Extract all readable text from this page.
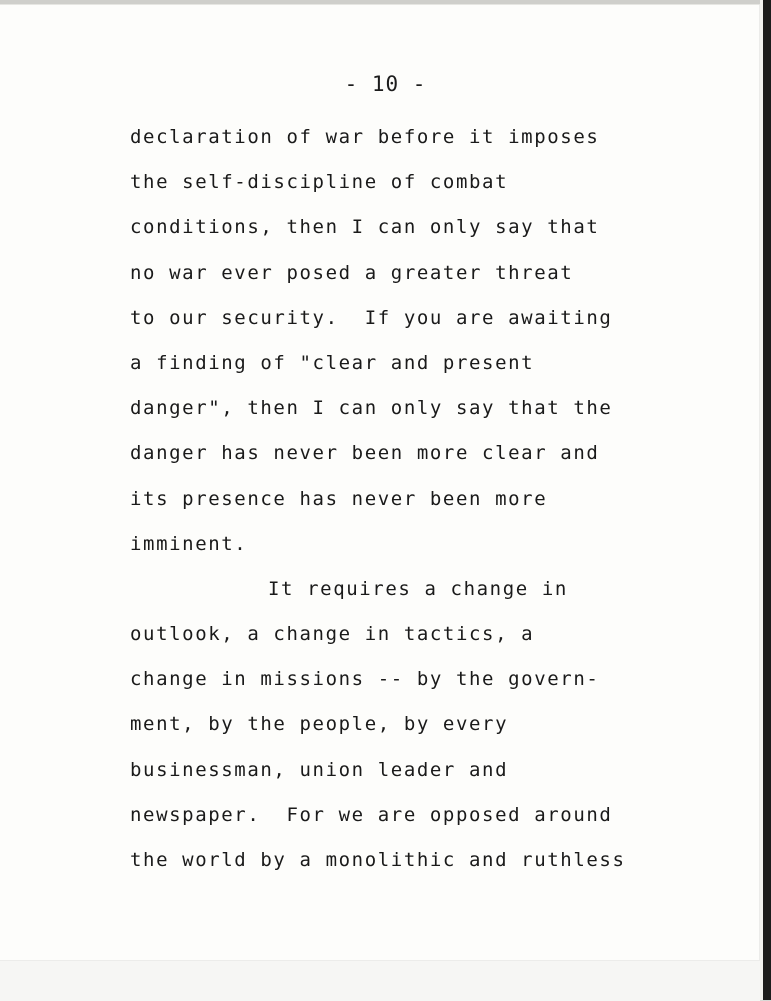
- 10 -
declaration of war before it imposes
the self-discipline of combat
conditions, then I can only say that
no war ever posed a greater threat
to our security.  If you are awaiting
a finding of "clear and present
danger", then I can only say that the
danger has never been more clear and
its presence has never been more
imminent.
It requires a change in
outlook, a change in tactics, a
change in missions -- by the govern-
ment, by the people, by every
businessman, union leader and
newspaper.  For we are opposed around
the world by a monolithic and ruthless
